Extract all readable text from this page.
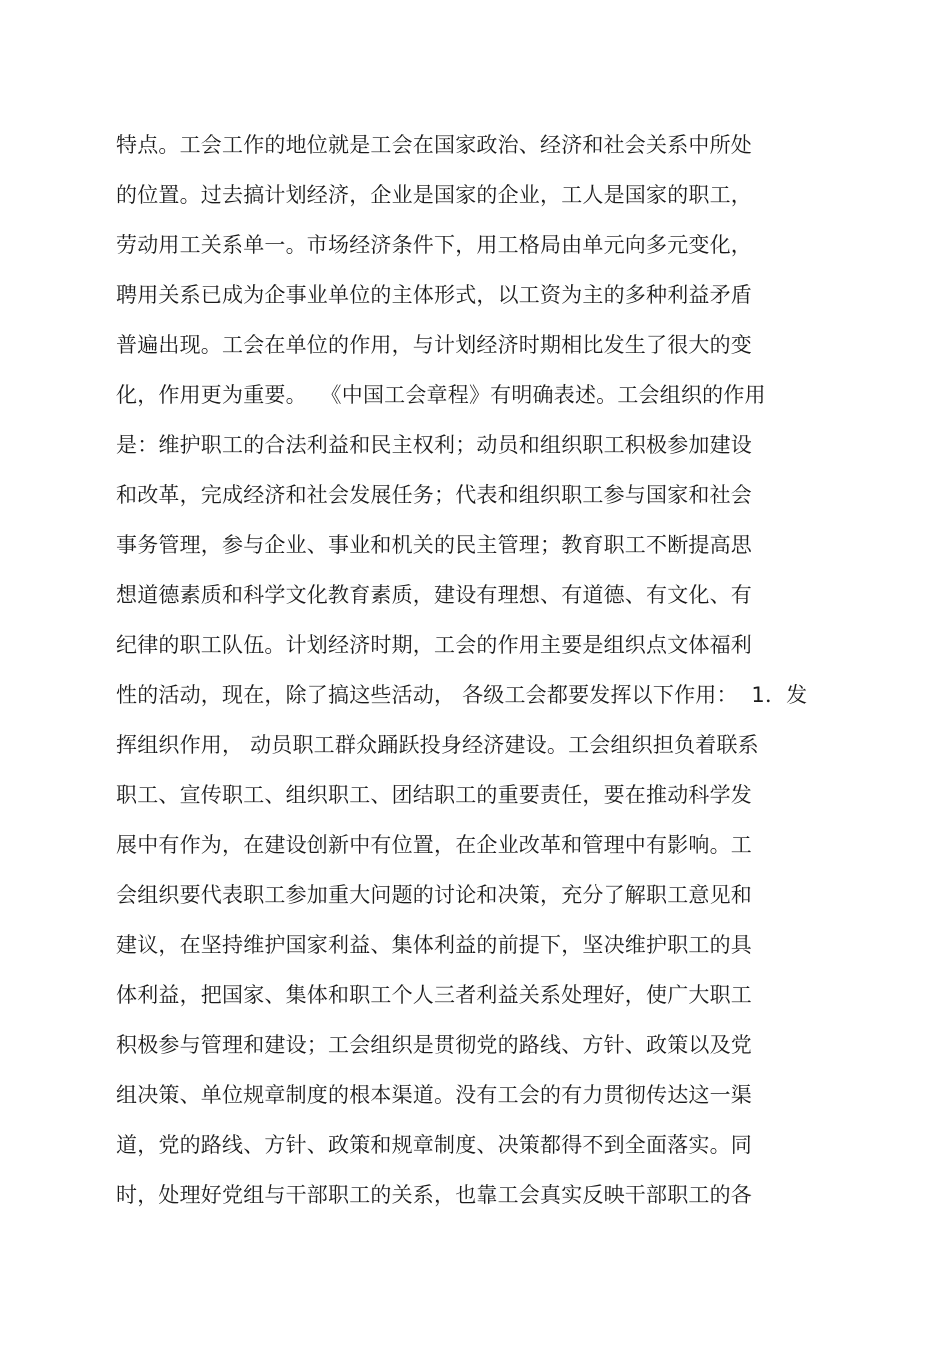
特点。工会工作的地位就是工会在国家政治、经济和社会关系中所处
的位置。过去搞计划经济，企业是国家的企业，工人是国家的职工，
劳动用工关系单一。市场经济条件下，用工格局由单元向多元变化，
聘用关系已成为企事业单位的主体形式，以工资为主的多种利益矛盾
普遍出现。工会在单位的作用，与计划经济时期相比发生了很大的变
化，作用更为重要。  《中国工会章程》有明确表述。工会组织的作用
是：维护职工的合法利益和民主权利；动员和组织职工积极参加建设
和改革，完成经济和社会发展任务；代表和组织职工参与国家和社会
事务管理，参与企业、事业和机关的民主管理；教育职工不断提高思
想道德素质和科学文化教育素质，建设有理想、有道德、有文化、有
纪律的职工队伍。计划经济时期，工会的作用主要是组织点文体福利
性的活动，现在，除了搞这些活动， 各级工会都要发挥以下作用：  1．发
挥组织作用， 动员职工群众踊跃投身经济建设。工会组织担负着联系
职工、宣传职工、组织职工、团结职工的重要责任，要在推动科学发
展中有作为，在建设创新中有位置，在企业改革和管理中有影响。工
会组织要代表职工参加重大问题的讨论和决策，充分了解职工意见和
建议，在坚持维护国家利益、集体利益的前提下，坚决维护职工的具
体利益，把国家、集体和职工个人三者利益关系处理好，使广大职工
积极参与管理和建设；工会组织是贯彻党的路线、方针、政策以及党
组决策、单位规章制度的根本渠道。没有工会的有力贯彻传达这一渠
道，党的路线、方针、政策和规章制度、决策都得不到全面落实。同
时，处理好党组与干部职工的关系，也靠工会真实反映干部职工的各
